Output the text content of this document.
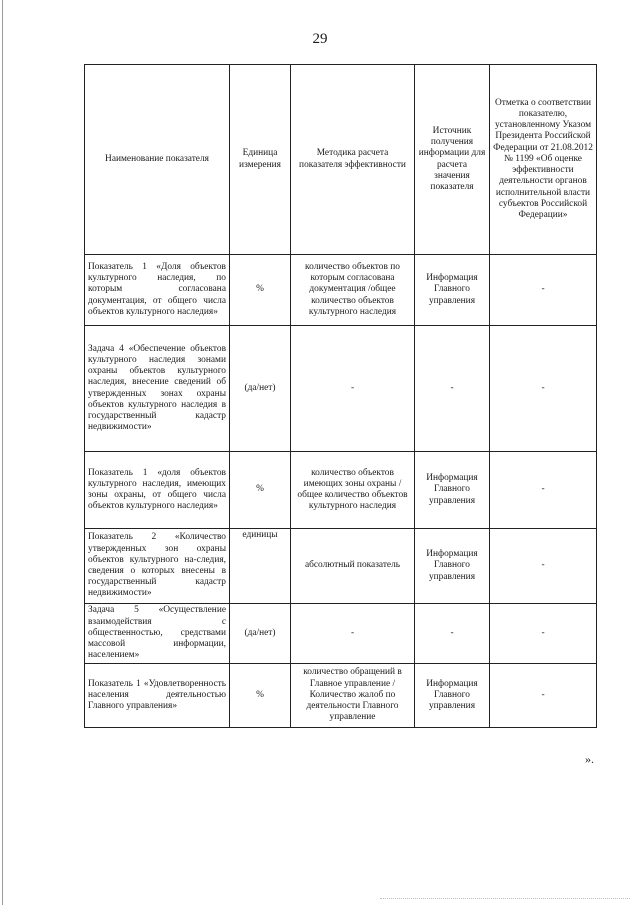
29
Наименование показателя	Единица измерения	Методика расчета показателя эффективности	Источник получения информации для расчета значения показателя	Отметка о соответствии показателю, установленному Указом Президента Российской Федерации от 21.08.2012 № 1199 «Об оценке эффективности деятельности органов исполнительной власти субъектов Российской Федерации»
Показатель 1 «Доля объектов культурного наследия, по которым согласована документация, от общего числа объектов культурного наследия»	%	количество объектов по которым согласована документация /общее количество объектов культурного наследия	Информация Главного управления	-
Задача 4 «Обеспечение объектов культурного наследия зонами охраны объектов культурного наследия, внесение сведений об утвержденных зонах охраны объектов культурного наследия в государственный кадастр недвижимости»	(да/нет)	-	-	-
Показатель 1 «доля объектов культурного наследия, имеющих зоны охраны, от общего числа объектов культурного наследия»	%	количество объектов имеющих зоны охраны /общее количество объектов культурного наследия	Информация Главного управления	-
Показатель 2 «Количество утвержденных зон охраны объектов культурного на-следия, сведения о которых внесены в государственный кадастр недвижимости»	единицы	абсолютный показатель	Информация Главного управления	-
Задача 5 «Осуществление взаимодействия с общественностью, средствами массовой информации, населением»	(да/нет)	-	-	-
Показатель 1 «Удовлетворенность населения деятельностью Главного управления»	%	количество обращений в Главное управление / Количество жалоб по деятельности Главного управление	Информация Главного управления	-
».
